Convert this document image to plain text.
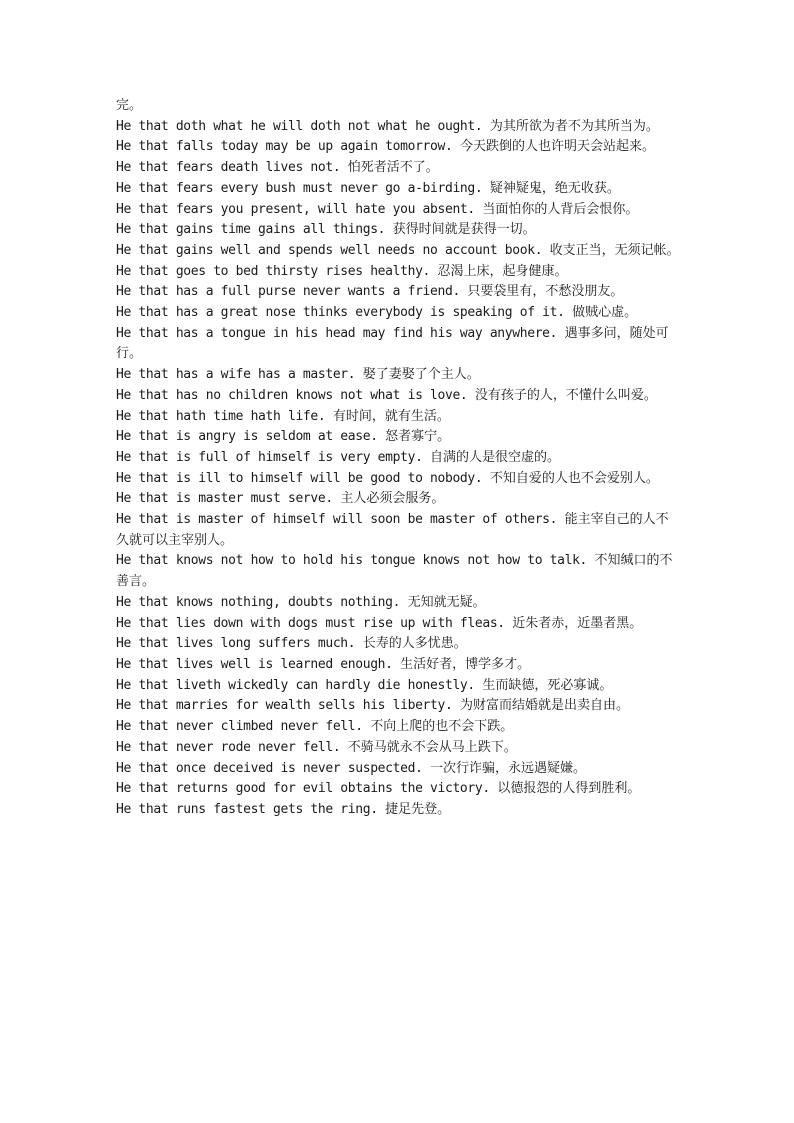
完。

He that doth what he will doth not what he ought. 为其所欲为者不为其所当为。

He that falls today may be up again tomorrow. 今天跌倒的人也许明天会站起来。

He that fears death lives not. 怕死者活不了。

He that fears every bush must never go a-birding. 疑神疑鬼，绝无收获。

He that fears you present, will hate you absent. 当面怕你的人背后会恨你。

He that gains time gains all things. 获得时间就是获得一切。

He that gains well and spends well needs no account book. 收支正当，无须记帐。

He that goes to bed thirsty rises healthy. 忍渴上床，起身健康。

He that has a full purse never wants a friend. 只要袋里有，不愁没朋友。

He that has a great nose thinks everybody is speaking of it. 做贼心虚。

He that has a tongue in his head may find his way anywhere. 遇事多问，随处可行。

He that has a wife has a master. 娶了妻娶了个主人。

He that has no children knows not what is love. 没有孩子的人，不懂什么叫爱。

He that hath time hath life. 有时间，就有生活。

He that is angry is seldom at ease. 怒者寡宁。

He that is full of himself is very empty. 自满的人是很空虚的。

He that is ill to himself will be good to nobody. 不知自爱的人也不会爱别人。

He that is master must serve. 主人必须会服务。

He that is master of himself will soon be master of others. 能主宰自己的人不久就可以主宰别人。

He that knows not how to hold his tongue knows not how to talk. 不知缄口的不善言。

He that knows nothing, doubts nothing. 无知就无疑。

He that lies down with dogs must rise up with fleas. 近朱者赤，近墨者黑。

He that lives long suffers much. 长寿的人多忧患。

He that lives well is learned enough. 生活好者，博学多才。

He that liveth wickedly can hardly die honestly. 生而缺德，死必寡诚。

He that marries for wealth sells his liberty. 为财富而结婚就是出卖自由。

He that never climbed never fell. 不向上爬的也不会下跌。

He that never rode never fell. 不骑马就永不会从马上跌下。

He that once deceived is never suspected. 一次行诈骗，永远遇疑嫌。

He that returns good for evil obtains the victory. 以德报怨的人得到胜利。

He that runs fastest gets the ring. 捷足先登。
